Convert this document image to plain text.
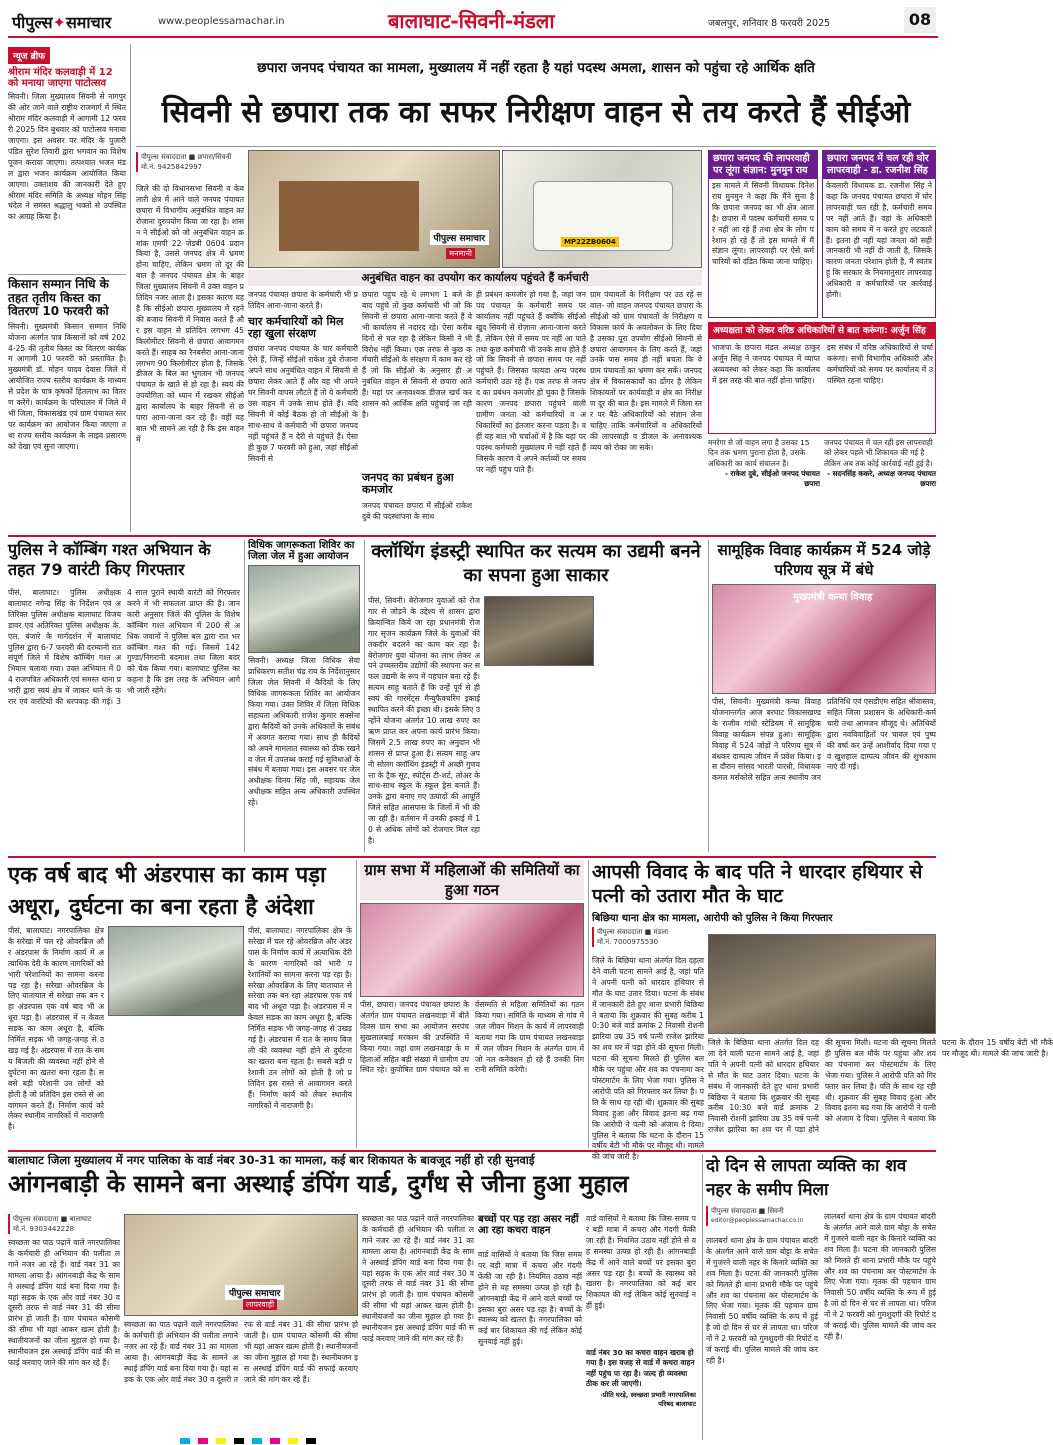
पीपुल्स✦समाचार	www.peoplessamachar.in	बालाघाट-सिवनी-मंडला	जबलपुर, शनिवार 8 फरवरी 2025	08
न्यूज ब्रीफ
श्रीराम मंदिर कलवाड़ी में 12 को मनाया जाएगा पाटोत्सव
सिवनी। जिला मुख्यालय सिवनी से नागपुर की ओर जाने वाले राष्ट्रीय राजमार्ग में स्थित श्रीराम मंदिर कलवाड़ी में आगामी 12 फरवरी 2025 दिन बुधवार को पाटोत्सव मनाया जाएगा। इस अवसर पर मंदिर के पुजारी पंडित सुरेश तिवारी द्वारा भगवान का विशेष पूजन कराया जाएगा। तत्पश्चात भजन मंडल द्वारा भजन कार्यक्रम आयोजित किया जाएगा। उक्ताशय की जानकारी देते हुए श्रीराम मंदिर समिति के अध्यक्ष मोहन सिंह चंदेल ने समस्त श्रद्धालु भक्तों से उपस्थित का आग्रह किया है।
किसान सम्मान निधि के तहत तृतीय किस्त का वितरण 10 फरवरी को
सिवनी। मुख्यमंत्री किसान सम्मान निधि योजना अंतर्गत पात्र किसानों को वर्ष 2024-25 की तृतीय किस्त का वितरण कार्यक्रम आगामी 10 फरवरी को प्रस्तावित है। मुख्यमंत्री डॉ. मोहन यादव देवास जिले में आयोजित राज्य स्तरीय कार्यक्रम के माध्यम से प्रदेश के पात्र कृषकों हितलाभ का वितरण करेंगे। कार्यक्रम के परिपालन में जिले में भी जिला, विकासखंड एवं ग्राम पंचायत स्तर पर कार्यक्रम का आयोजन किया जाएगा तथा राज्य स्तरीय कार्यक्रम के लाइव प्रसारण को देखा एवं सुना जाएगा।
छपारा जनपद पंचायत का मामला, मुख्यालय में नहीं रहता है यहां पदस्थ अमला, शासन को पहुंचा रहे आर्थिक क्षति
सिवनी से छपारा तक का सफर निरीक्षण वाहन से तय करते हैं सीईओ
पीपुल्स संवाददाता ■ छपारा/सिवनी
मो.नं. 9425842997
पीपुल्स समाचार
मनमानी
MP22ZB0604
अनुबंधित वाहन का उपयोग कर कार्यालय पहुंचते हैं कर्मचारी
जिले की दो विधानसभा सिवनी व केवलारी क्षेत्र में आने वाले जनपद पंचायत छपारा में विभागीय अनुबंधित वाहन का रोजाना दुरुपयोग किया जा रहा है। शासन ने सीईओ को जो अनुबंधित वाहन क्रमांक एमपी 22 जेडबी 0604 प्रदान किया है, उससे जनपद क्षेत्र में भ्रमण होना चाहिए, लेकिन भ्रमण तो दूर की बात है जनपद पंचायत क्षेत्र के बाहर जिला मुख्यालय सिवनी में उक्त वाहन प्रतिदिन नजर आता है। इसका कारण यह है कि सीईओ छपारा मुख्यालय में रहने की बजाय सिवनी में निवास करते हैं और इस वाहन से प्रतिदिन लगभग 45 किलोमीटर सिवनी से छपारा आवागमन करते हैं। साहब का रैनबसेरा आना-जाना लगभग 90 किलोमीटर होता है, जिसके डीजल के बिल का भुगतान भी जनपद पंचायत के खाते से हो रहा है। स्वयं की उपयोगिता को ध्यान में रखकर सीईओ द्वारा कार्यालय के बाहर सिवनी से छपारा आना-जाना कर रहे हैं। वहीं यह बात भी सामने आ रही है कि इस वाहन में
जनपद पंचायत छपारा के कर्मचारी भी प्रतिदिन आना-जाना करते हैं।
चार कर्मचारियों को मिल रहा खुला संरक्षण
छपारा जनपद पंचायत के चार कर्मचारी ऐसे हैं, जिन्हें सीईओ राकेश दुबे रोजाना अपने साथ अनुबंधित वाहन में सिवनी से छपारा लेकर आते हैं और वह भी अपने घर सिवनी वापस लौटते हैं तो ये कर्मचारी उस वाहन में उनके साथ होते हैं। यदि सिवनी में कोई बैठक हो तो सीईओ के साथ-साथ ये कर्मचारी भी छपारा जनपद नहीं पहुंचते हैं न देरी से पहुंचते हैं। ऐसा ही कुछ 7 फरवरी को हुआ, जहां सीईओ सिवनी से
छपारा पहुंच रहे थे लगभग 1 बजे के बाद पहुंचे तो कुछ कर्मचारी भी जो कि सिवनी से छपारा आना-जाना करते हैं वे भी कार्यालय से नदारद रहे। ऐसा करीब दिनों से चल रहा है लेकिन किसी ने भी विरोध नहीं किया। एक तरफ से कुछ कर्मचारी सीईओ के संरक्षण में काम कर रहे हैं जो कि सीईओ के अनुसार ही अनुबंधित वाहन से सिवनी से छपारा आते हैं। यहां पर अनावश्यक डीजल खर्च कर शासन को आर्थिक क्षति पहुंचाई जा रही है।
जनपद का प्रबंधन हुआ कमजोर
जनपद पंचायत छपारा में सीईओ राकेश दुबे की पदस्थापना के साथ
ही प्रबंधन कमजोर हो गया है, जहां जनपद पंचायत के कर्मचारी समय पर कार्यालय नहीं पहुंचते हैं क्योंकि सीईओ खुद सिवनी से रोज़ाना आना-जाना करते हैं, लेकिन ऐसे में समय पर नहीं आ पाते तथा कुछ कर्मचारी भी उनके साथ होते हैं जो कि सिवनी से छपारा समय पर नहीं पहुंचते हैं। जिसका फायदा अन्य पदस्थ कर्मचारी उठा रहे हैं। एक तरफ से जनपद का प्रबंधन कमजोर हो चुका है जिसके कारण जनपद छपारा पहुंचने वाली ग्रामीण जनता को कर्मचारियों व अधिकारियों का इंतजार करना पड़ता है। वहीं यह बात भी चर्चाओं में है कि यहां पर पदस्थ कर्मचारी मुख्यालय में नहीं रहते हैं जिसके कारण वे अपने कर्तव्यों पर समय पर नहीं पहुंच पाते हैं।
ग्राम पंचायतों के निरीक्षण पर उठ रहे सवाल- जो वाहन जनपद पंचायत छपारा के सीईओ को ग्राम पंचायतों के निरीक्षण व विकास कार्य के अवलोकन के लिए दिया है उसका पूरा उपयोग सीईओ सिवनी से छपारा आवागमन के लिए करते हैं, जहां उनके पास समय ही नहीं बचता कि वे ग्राम पंचायतों का भ्रमण कर सकें। जनपद क्षेत्र में विकासकार्यों का ढोंगर है लेकिन शिकायतों पर कार्यवाही व क्षेत्र का निरीक्षण दूर की बात है। इस मामले में जिला स्तर पर बैठे अधिकारियों को संज्ञान लेना चाहिए ताकि कर्मचारियों व अधिकारियों की लापरवाही व डीजल के अनावश्यक व्यय को रोका जा सके।
छपारा जनपद की लापरवाही पर लूंगा संज्ञान: मुनमुन राय
इस मामले में सिवनी विधायक दिनेश राय मुनमुन ने कहा कि मैंने सुना है कि छपारा जनपद का भी क्षेत्र आता है। छपारा में पदस्थ कर्मचारी समय पर नहीं आ रहे हैं तथा क्षेत्र के लोग परेशान हो रहे हैं तो इस मामले में मैं संज्ञान लूंगा। लापरवाही पर ऐसे कर्मचारियों को दंडित किया जाना चाहिए।
छपारा जनपद में चल रही घोर लापरवाही - डा. रजनीश सिंह
केवलारी विधायक डा. रजनीश सिंह ने कहा कि जनपद पंचायत छपारा में घोर लापरवाही चल रही है, कर्मचारी समय पर नहीं आते हैं। वहां के अधिकारी काम को समय में न करते हुए लटकाते हैं। इतना ही नहीं यहां जनता को सही जानकारी भी नहीं दी जाती है, जिसके कारण जनता परेशान होती है, मैं स्वतंत्र हूं कि सरकार के नियमानुसार लापरवाह अधिकारी व कर्मचारियों पर कार्रवाई होगी।
अध्यक्षता को लेकर वरिष्ठ अधिकारियों से बात करूंगा: अर्जुन सिंह
भाजपा के छपारा मंडल अध्यक्ष ठाकुर अर्जुन सिंह ने जनपद पंचायत में व्याप्त अव्यवस्था को लेकर कहा कि कार्यालय में इस तरह की बात नहीं होना चाहिए।
इस संबंध में वरिष्ठ अधिकारियों से चर्चा करूंगा। सभी विभागीय अधिकारी और कर्मचारियों को समय पर कार्यालय में उपस्थित रहना चाहिए।
मनरेगा से जो वाहन लगा है उसका 15 दिन तक भ्रमण पुराना होता है, उसके अधिकारी का कार्य संचालन है।
- राकेश दुबे, सीईओ जनपद पंचायत छपारा
जनपद पंचायत में चल रही इस लापरवाही को लेकर पहले भी शिकायत की गई है लेकिन अब तक कोई कार्रवाई नहीं हुई है।
- सदनसिंह ककरे, अध्यक्ष जनपद पंचायत छपारा
पुलिस ने कॉम्बिंग गश्त अभियान के तहत 79 वारंटी किए गिरफ्तार
पीसं, बालाघाट। पुलिस अधीक्षक बालाघाट नगेन्द्र सिंह के निर्देशन एवं अतिरिक्त पुलिस अधीक्षक बालाघाट विजय डावर एवं अतिरिक्त पुलिस अधीक्षक के. एल. बंजारे के मार्गदर्शन में बालाघाट पुलिस द्वारा 6-7 फरवरी की दरम्यानी रात संपूर्ण जिले में विशेष कॉम्बिंग गश्त अभियान चलाया गया। उक्त अभियान में 04 राजपत्रित अधिकारी एवं समस्त थाना प्रभारी द्वारा स्वयं क्षेत्र में जाकर थाने के फरार एवं वारंटियों की धरपकड़ की गई। 34 साल पुराने स्थायी वारंटी को गिरफ्तार करने में भी सफलता प्राप्त की है। जानकारी अनुसार जिले की पुलिस के विशेष कॉम्बिंग गश्त अभियान में 200 से अधिक जवानों ने पुलिस बल द्वारा रात भर कॉम्बिंग गश्त की गई। जिसमें 142 गुण्डा/निगरानी बदमाश तथा जिला बदर को चेक किया गया। बालाघाट पुलिस का कहना है कि इस तरह के अभियान आगे भी जारी रहेंगे।
विधिक जागरूकता शिविर का जिला जेल में हुआ आयोजन
सिवनी। अध्यक्ष जिला विधिक सेवा प्राधिकरण सतीश चंद्र राय के निर्देशानुसार जिला जेल सिवनी में कैदियों के लिए विधिक जागरूकता शिविर का आयोजन किया गया। उक्त शिविर में जिला विधिक सहायता अधिकारी राजेश कुमार सक्सेना द्वारा कैदियों को उनके अधिकारों के संबंध में अवगत कराया गया। साथ ही कैदियों को अपने मामलात स्वास्थ्य को ठीक रखने व जेल में उपलब्ध कराई गई सुविधाओं के संबंध में बताया गया। इस अवसर पर जेल अधीक्षक विनय सिंह जी, सहायक जेल अधीक्षक सहित अन्य अधिकारी उपस्थित रहे।
क्लॉथिंग इंडस्ट्री स्थापित कर सत्यम का उद्यमी बनने का सपना हुआ साकार
पीसं, सिवनी। बेरोजगार युवाओं को रोजगार से जोड़ने के उद्देश्य से शासन द्वारा क्रियान्वित किये जा रहा प्रधानमंत्री रोजगार सृजन कार्यक्रम जिले के युवाओं की तकदीर बदलने का काम कर रहा है। बेरोजगार युवा योजना का लाभ लेकर अपने उच्चस्तरीय उद्योगों की स्थापना कर सफल उद्यमी के रूप में पहचान बना रहे हैं। सत्यम साहू बताते हैं कि उन्हें पूर्व से ही स्वयं की गारमेंट्स मैन्युफैक्चरिंग इकाई स्थापित करने की इच्छा थी। इसके लिए उन्होंने योजना अंतर्गत 10 लाख रुपए का ऋण प्राप्त कर अपना कार्य प्रारंभ किया। जिसमें 2.5 लाख रुपए का अनुदान भी शासन से प्राप्त हुआ है। सत्यम साहू अपनी सोलग क्लॉथिंग इंडस्ट्री में अच्छी गुणवत्ता के ट्रैक सूट, स्पोर्ट्स टी-शर्ट, लोअर के साथ-साथ स्कूल के स्कूल ड्रेस बनाते हैं। उनके द्वारा बनाए गए उत्पादों की आपूर्ति जिले सहित आसपास के जिलों में भी की जा रही है। वर्तमान में उनकी इकाई में 10 से अधिक लोगों को रोजगार मिल रहा है।
सामूहिक विवाह कार्यक्रम में 524 जोड़े परिणय सूत्र में बंधे
मुख्यमंत्री कन्या विवाह
पीसं, सिवनी। मुख्यमंत्री कन्या विवाह योजनान्तर्गत आज बरघाट विकासखण्ड के राजीव गांधी स्टेडियम में सामूहिक विवाह कार्यक्रम संपन्न हुआ। सामूहिक विवाह में 524 जोड़ों ने परिणय सूत्र में बंधकर दाम्पत्य जीवन में प्रवेश किया। इस दौरान सांसद भारती पारधी, विधायक कमल मर्सकोले सहित अन्य स्थानीय जनप्रतिनिधि एवं एसडीएम सहित श्रीवास्तव, सहित जिला प्रशासन के अधिकारी-कर्मचारी तथा आमजन मौजूद थे। अतिथियों द्वारा नवविवाहितों पर चावल एवं पुष्प की वर्षा कर उन्हें आशीर्वाद दिया गया एवं खुशहाल दाम्पत्य जीवन की शुभकामनाएं दी गईं।
एक वर्ष बाद भी अंडरपास का काम पड़ा अधूरा, दुर्घटना का बना रहता है अंदेशा
पीसं, बालाघाट। नगरपालिका क्षेत्र के सरेखा में चल रहे ओवरब्रिज और अंडरपास के निर्माण कार्य में अत्याधिक देरी के कारण नागरिकों को भारी परेशानियों का सामना करना पड़ रहा है। सरेखा ओवरब्रिज के लिए यातायात से सरेखा तक बन रहा अंडरपास एक वर्ष बाद भी अधूरा पड़ा है। अंडरपास में न केवल सड़क का काम अधूरा है, बल्कि निर्मित सड़क भी जगह-जगह से उखड़ गई है। अंडरपास में रात के समय बिजली की व्यवस्था नहीं होने से दुर्घटना का खतरा बना रहता है। सबसे बड़ी परेशानी उन लोगों को होती है जो प्रतिदिन इस रास्ते से आवागमन करते हैं। निर्माण कार्य को लेकर स्थानीय नागरिकों में नाराजगी है।
पीसं, बालाघाट। नगरपालिका क्षेत्र के सरेखा में चल रहे ओवरब्रिज और अंडरपास के निर्माण कार्य में अत्याधिक देरी के कारण नागरिकों को भारी परेशानियों का सामना करना पड़ रहा है। सरेखा ओवरब्रिज के लिए यातायात से सरेखा तक बन रहा अंडरपास एक वर्ष बाद भी अधूरा पड़ा है। अंडरपास में न केवल सड़क का काम अधूरा है, बल्कि निर्मित सड़क भी जगह-जगह से उखड़ गई है। अंडरपास में रात के समय बिजली की व्यवस्था नहीं होने से दुर्घटना का खतरा बना रहता है। सबसे बड़ी परेशानी उन लोगों को होती है जो प्रतिदिन इस रास्ते से आवागमन करते हैं। निर्माण कार्य को लेकर स्थानीय नागरिकों में नाराजगी है।
ग्राम सभा में महिलाओं की समितियों का हुआ गठन
पीसं, छपारा। जनपद पंचायत छपारा के अंतर्गत ग्राम पंचायत लखनवाड़ा में बीते दिवस ग्राम सभा का आयोजन सरपंच सुखलालबाई मरकाम की उपस्थिति में किया गया। जहां ग्राम लखनवाड़ा के महिलाओं सहित बड़ी संख्या में ग्रामीण उपस्थित रहे। कुपोषित ग्राम पंचायत को सर्वसम्मति से महिला समितियों का गठन किया गया। समिति के माध्यम से गांव में जल जीवन मिशन के कार्य में लापरवाही बताया गया कि ग्राम पंचायत लखनवाड़ा में जल जीवन मिशन के अंतर्गत ग्राम में जो नल कनेक्शन हो रहे हैं उनकी निगरानी समिति करेगी।
आपसी विवाद के बाद पति ने धारदार हथियार से पत्नी को उतारा मौत के घाट
बिछिया थाना क्षेत्र का मामला, आरोपी को पुलिस ने किया गिरफ्तार
पीपुल्स संवाददाता ■ मंडला
मो.नं. 7000975530
जिले के बिछिया थाना अंतर्गत दिल दहला देने वाली घटना सामने आई है, जहां पति ने अपनी पत्नी को धारदार हथियार से मौत के घाट उतार दिया। घटना के संबंध में जानकारी देते हुए थाना प्रभारी बिछिया ने बताया कि शुक्रवार की सुबह करीब 10:30 बजे वार्ड क्रमांक 2 निवासी रोशनी झारिया उम्र 35 वर्ष पत्नी राजेश झारिया का शव घर में पड़ा होने की सूचना मिली। घटना की सूचना मिलते ही पुलिस बल मौके पर पहुंचा और शव का पंचनामा कर पोस्टमार्टम के लिए भेजा गया। पुलिस ने आरोपी पति को गिरफ्तार कर लिया है। पति के साथ रह रही थी। शुक्रवार की सुबह विवाद हुआ और विवाद इतना बढ़ गया कि आरोपी ने पत्नी को अंजाम दे दिया। पुलिस ने बताया कि घटना के दौरान 15 वर्षीय बेटी भी मौके पर मौजूद थी। मामले की जांच जारी है।
जिले के बिछिया थाना अंतर्गत दिल दहला देने वाली घटना सामने आई है, जहां पति ने अपनी पत्नी को धारदार हथियार से मौत के घाट उतार दिया। घटना के संबंध में जानकारी देते हुए थाना प्रभारी बिछिया ने बताया कि शुक्रवार की सुबह करीब 10:30 बजे वार्ड क्रमांक 2 निवासी रोशनी झारिया उम्र 35 वर्ष पत्नी राजेश झारिया का शव घर में पड़ा होने की सूचना मिली। घटना की सूचना मिलते ही पुलिस बल मौके पर पहुंचा और शव का पंचनामा कर पोस्टमार्टम के लिए भेजा गया। पुलिस ने आरोपी पति को गिरफ्तार कर लिया है। पति के साथ रह रही थी। शुक्रवार की सुबह विवाद हुआ और विवाद इतना बढ़ गया कि आरोपी ने पत्नी को अंजाम दे दिया। पुलिस ने बताया कि घटना के दौरान 15 वर्षीय बेटी भी मौके पर मौजूद थी। मामले की जांच जारी है।
बालाघाट जिला मुख्यालय में नगर पालिका के वार्ड नंबर 30-31 का मामला, कई बार शिकायत के बावजूद नहीं हो रही सुनवाई
आंगनबाड़ी के सामने बना अस्थाई डंपिंग यार्ड, दुर्गंध से जीना हुआ मुहाल
पीपुल्स संवाददाता ■ बालाघाट
मो.नं. 9303442228
स्वच्छता का पाठ पढ़ाने वाले नगरपालिका के कर्मचारी ही अभियान की पलीता लगाने नजर आ रहे हैं। वार्ड नंबर 31 का मामला आया है। आंगनबाड़ी केंद्र के सामने अस्थाई डंपिंग यार्ड बना दिया गया है। यहां सड़क के एक ओर वार्ड नंबर 30 व दूसरी तरफ से वार्ड नंबर 31 की सीमा प्रारंभ हो जाती है। ग्राम पंचायत कोसमी की सीमा भी यहां आकर खत्म होती है। स्थानीयजनों का जीना मुहाल हो गया है। स्थानीयजन इस अस्थाई डंपिंग यार्ड की सफाई करवाए जाने की मांग कर रहे हैं।
पीपुल्स समाचार
लापरवाही
स्वच्छता का पाठ पढ़ाने वाले नगरपालिका के कर्मचारी ही अभियान की पलीता लगाने नजर आ रहे हैं। वार्ड नंबर 31 का मामला आया है। आंगनबाड़ी केंद्र के सामने अस्थाई डंपिंग यार्ड बना दिया गया है। यहां सड़क के एक ओर वार्ड नंबर 30 व दूसरी तरफ से वार्ड नंबर 31 की सीमा प्रारंभ हो जाती है। ग्राम पंचायत कोसमी की सीमा भी यहां आकर खत्म होती है। स्थानीयजनों का जीना मुहाल हो गया है। स्थानीयजन इस अस्थाई डंपिंग यार्ड की सफाई करवाए जाने की मांग कर रहे हैं।
स्वच्छता का पाठ पढ़ाने वाले नगरपालिका के कर्मचारी ही अभियान की पलीता लगाने नजर आ रहे हैं। वार्ड नंबर 31 का मामला आया है। आंगनबाड़ी केंद्र के सामने अस्थाई डंपिंग यार्ड बना दिया गया है। यहां सड़क के एक ओर वार्ड नंबर 30 व दूसरी तरफ से वार्ड नंबर 31 की सीमा प्रारंभ हो जाती है। ग्राम पंचायत कोसमी की सीमा भी यहां आकर खत्म होती है। स्थानीयजनों का जीना मुहाल हो गया है। स्थानीयजन इस अस्थाई डंपिंग यार्ड की सफाई करवाए जाने की मांग कर रहे हैं।
बच्चों पर पड़ रहा असर नहीं आ रहा कचरा वाहन
वार्ड वासियों ने बताया कि जिस समय पर बड़ी मात्रा में कचरा और गंदगी फेंकी जा रही है। नियमित उठाव नहीं होने से यह समस्या उत्पन्न हो रही है। आंगनबाड़ी केंद्र में आने वाले बच्चों पर इसका बुरा असर पड़ रहा है। बच्चों के स्वास्थ्य को खतरा है। नगरपालिका को कई बार शिकायत की गई लेकिन कोई सुनवाई नहीं हुई।
वार्ड वासियों ने बताया कि जिस समय पर बड़ी मात्रा में कचरा और गंदगी फेंकी जा रही है। नियमित उठाव नहीं होने से यह समस्या उत्पन्न हो रही है। आंगनबाड़ी केंद्र में आने वाले बच्चों पर इसका बुरा असर पड़ रहा है। बच्चों के स्वास्थ्य को खतरा है। नगरपालिका को कई बार शिकायत की गई लेकिन कोई सुनवाई नहीं हुई।
वार्ड नंबर 30 का कचरा वाहन खराब हो गया है। इस वजह से वार्ड में कचरा वाहन नहीं पहुंच पा रहा है। जल्द ही व्यवस्था ठीक कर ली जाएगी।
-प्रीति घरड़े, स्वच्छता प्रभारी नगरपालिका परिषद बालाघाट
दो दिन से लापता व्यक्ति का शव नहर के समीप मिला
पीपुल्स संवाददाता ■ सिवनी
editor@peoplessamachar.co.in
लालबर्रा थाना क्षेत्र के ग्राम पंचायत बांदरी के अंतर्गत आने वाले ग्राम बोट्टा के सचेत में गुजरने वाली नहर के किनारे व्यक्ति का शव मिला है। घटना की जानकारी पुलिस को मिलते ही थाना प्रभारी मौके पर पहुंचे और शव का पंचनामा कर पोस्टमार्टम के लिए भेजा गया। मृतक की पहचान ग्राम निवासी 50 वर्षीय व्यक्ति के रूप में हुई है जो दो दिन से घर से लापता था। परिजनों ने 2 फरवरी को गुमशुदगी की रिपोर्ट दर्ज कराई थी। पुलिस मामले की जांच कर रही है।
लालबर्रा थाना क्षेत्र के ग्राम पंचायत बांदरी के अंतर्गत आने वाले ग्राम बोट्टा के सचेत में गुजरने वाली नहर के किनारे व्यक्ति का शव मिला है। घटना की जानकारी पुलिस को मिलते ही थाना प्रभारी मौके पर पहुंचे और शव का पंचनामा कर पोस्टमार्टम के लिए भेजा गया। मृतक की पहचान ग्राम निवासी 50 वर्षीय व्यक्ति के रूप में हुई है जो दो दिन से घर से लापता था। परिजनों ने 2 फरवरी को गुमशुदगी की रिपोर्ट दर्ज कराई थी। पुलिस मामले की जांच कर रही है।
